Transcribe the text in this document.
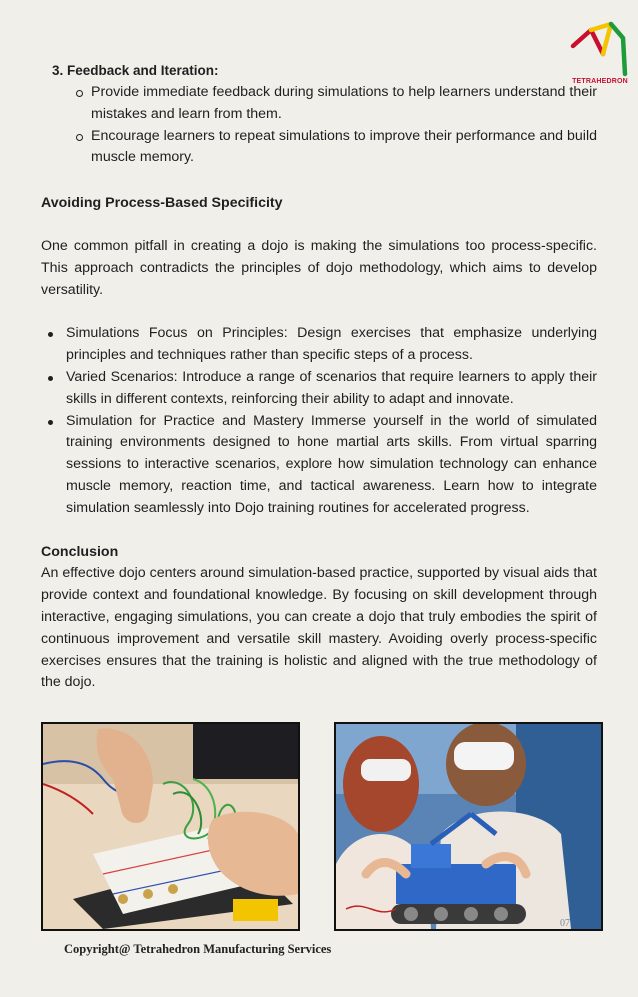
TETRAHEDRON

3. Feedback and Iteration:

Provide immediate feedback during simulations to help learners understand their mistakes and learn from them.
Encourage learners to repeat simulations to improve their performance and build muscle memory.

Avoiding Process-Based Specificity

One common pitfall in creating a dojo is making the simulations too process-specific. This approach contradicts the principles of dojo methodology, which aims to develop versatility.

Simulations Focus on Principles: Design exercises that emphasize underlying principles and techniques rather than specific steps of a process.
Varied Scenarios: Introduce a range of scenarios that require learners to apply their skills in different contexts, reinforcing their ability to adapt and innovate.
Simulation for Practice and Mastery Immerse yourself in the world of simulated training environments designed to hone martial arts skills. From virtual sparring sessions to interactive scenarios, explore how simulation technology can enhance muscle memory, reaction time, and tactical awareness. Learn how to integrate simulation seamlessly into Dojo training routines for accelerated progress.

Conclusion

An effective dojo centers around simulation-based practice, supported by visual aids that provide context and foundational knowledge. By focusing on skill development through interactive, engaging simulations, you can create a dojo that truly embodies the spirit of continuous improvement and versatile skill mastery. Avoiding overly process-specific exercises ensures that the training is holistic and aligned with the true methodology of the dojo.

07
Copyright@ Tetrahedron Manufacturing Services
